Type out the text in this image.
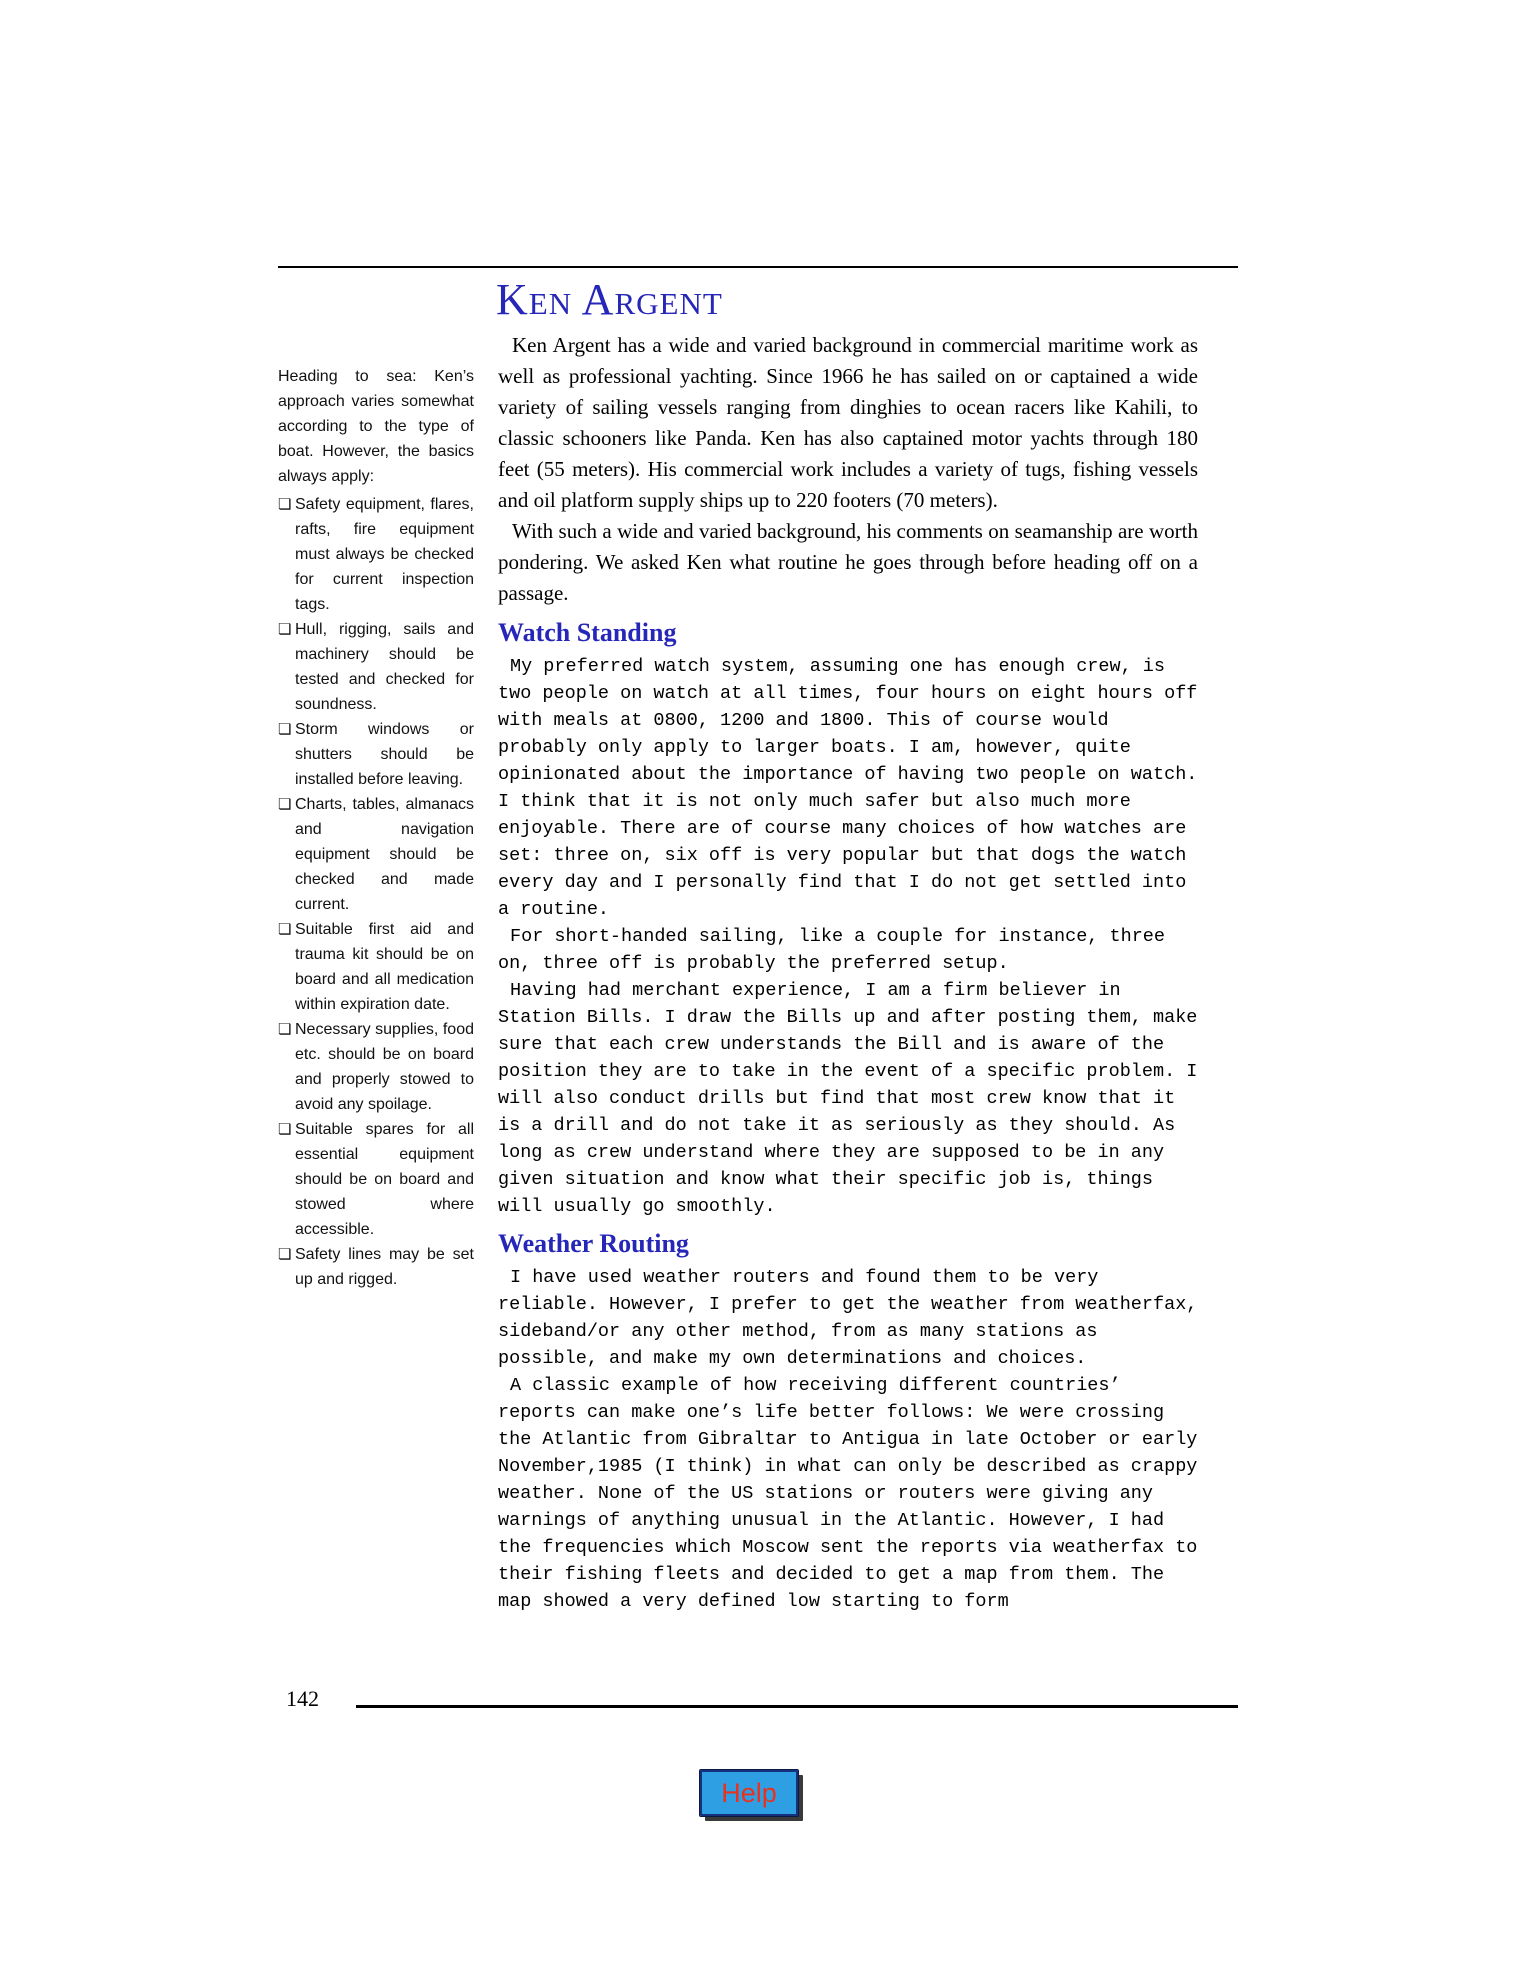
Ken Argent
Heading to sea: Ken’s approach varies somewhat according to the type of boat. However, the basics always apply:
❏ Safety equipment, flares, rafts, fire equipment must always be checked for current inspection tags.
❏ Hull, rigging, sails and machinery should be tested and checked for soundness.
❏ Storm windows or shutters should be installed before leaving.
❏ Charts, tables, almanacs and navigation equipment should be checked and made current.
❏ Suitable first aid and trauma kit should be on board and all medication within expiration date.
❏ Necessary supplies, food etc. should be on board and properly stowed to avoid any spoilage.
❏ Suitable spares for all essential equipment should be on board and stowed where accessible.
❏ Safety lines may be set up and rigged.

Ken Argent has a wide and varied background in commercial maritime work as well as professional yachting. Since 1966 he has sailed on or captained a wide variety of sailing vessels ranging from dinghies to ocean racers like Kahili, to classic schooners like Panda. Ken has also captained motor yachts through 180 feet (55 meters). His commercial work includes a variety of tugs, fishing vessels and oil platform supply ships up to 220 footers (70 meters).

With such a wide and varied background, his comments on seamanship are worth pondering. We asked Ken what routine he goes through before heading off on a passage.

Watch Standing

My preferred watch system, assuming one has enough crew, is two people on watch at all times, four hours on eight hours off with meals at 0800, 1200 and 1800. This of course would probably only apply to larger boats. I am, however, quite opinionated about the importance of having two people on watch. I think that it is not only much safer but also much more enjoyable. There are of course many choices of how watches are set: three on, six off is very popular but that dogs the watch every day and I personally find that I do not get settled into a routine.

For short-handed sailing, like a couple for instance, three on, three off is probably the preferred setup.

Having had merchant experience, I am a firm believer in Station Bills. I draw the Bills up and after posting them, make sure that each crew understands the Bill and is aware of the position they are to take in the event of a specific problem. I will also conduct drills but find that most crew know that it is a drill and do not take it as seriously as they should. As long as crew understand where they are supposed to be in any given situation and know what their specific job is, things will usually go smoothly.

Weather Routing

I have used weather routers and found them to be very reliable. However, I prefer to get the weather from weatherfax, sideband/or any other method, from as many stations as possible, and make my own determinations and choices.

A classic example of how receiving different countries’ reports can make one’s life better follows: We were crossing the Atlantic from Gibraltar to Antigua in late October or early November,1985 (I think) in what can only be described as crappy weather. None of the US stations or routers were giving any warnings of anything unusual in the Atlantic. However, I had the frequencies which Moscow sent the reports via weatherfax to their fishing fleets and decided to get a map from them. The map showed a very defined low starting to form

142
Help
